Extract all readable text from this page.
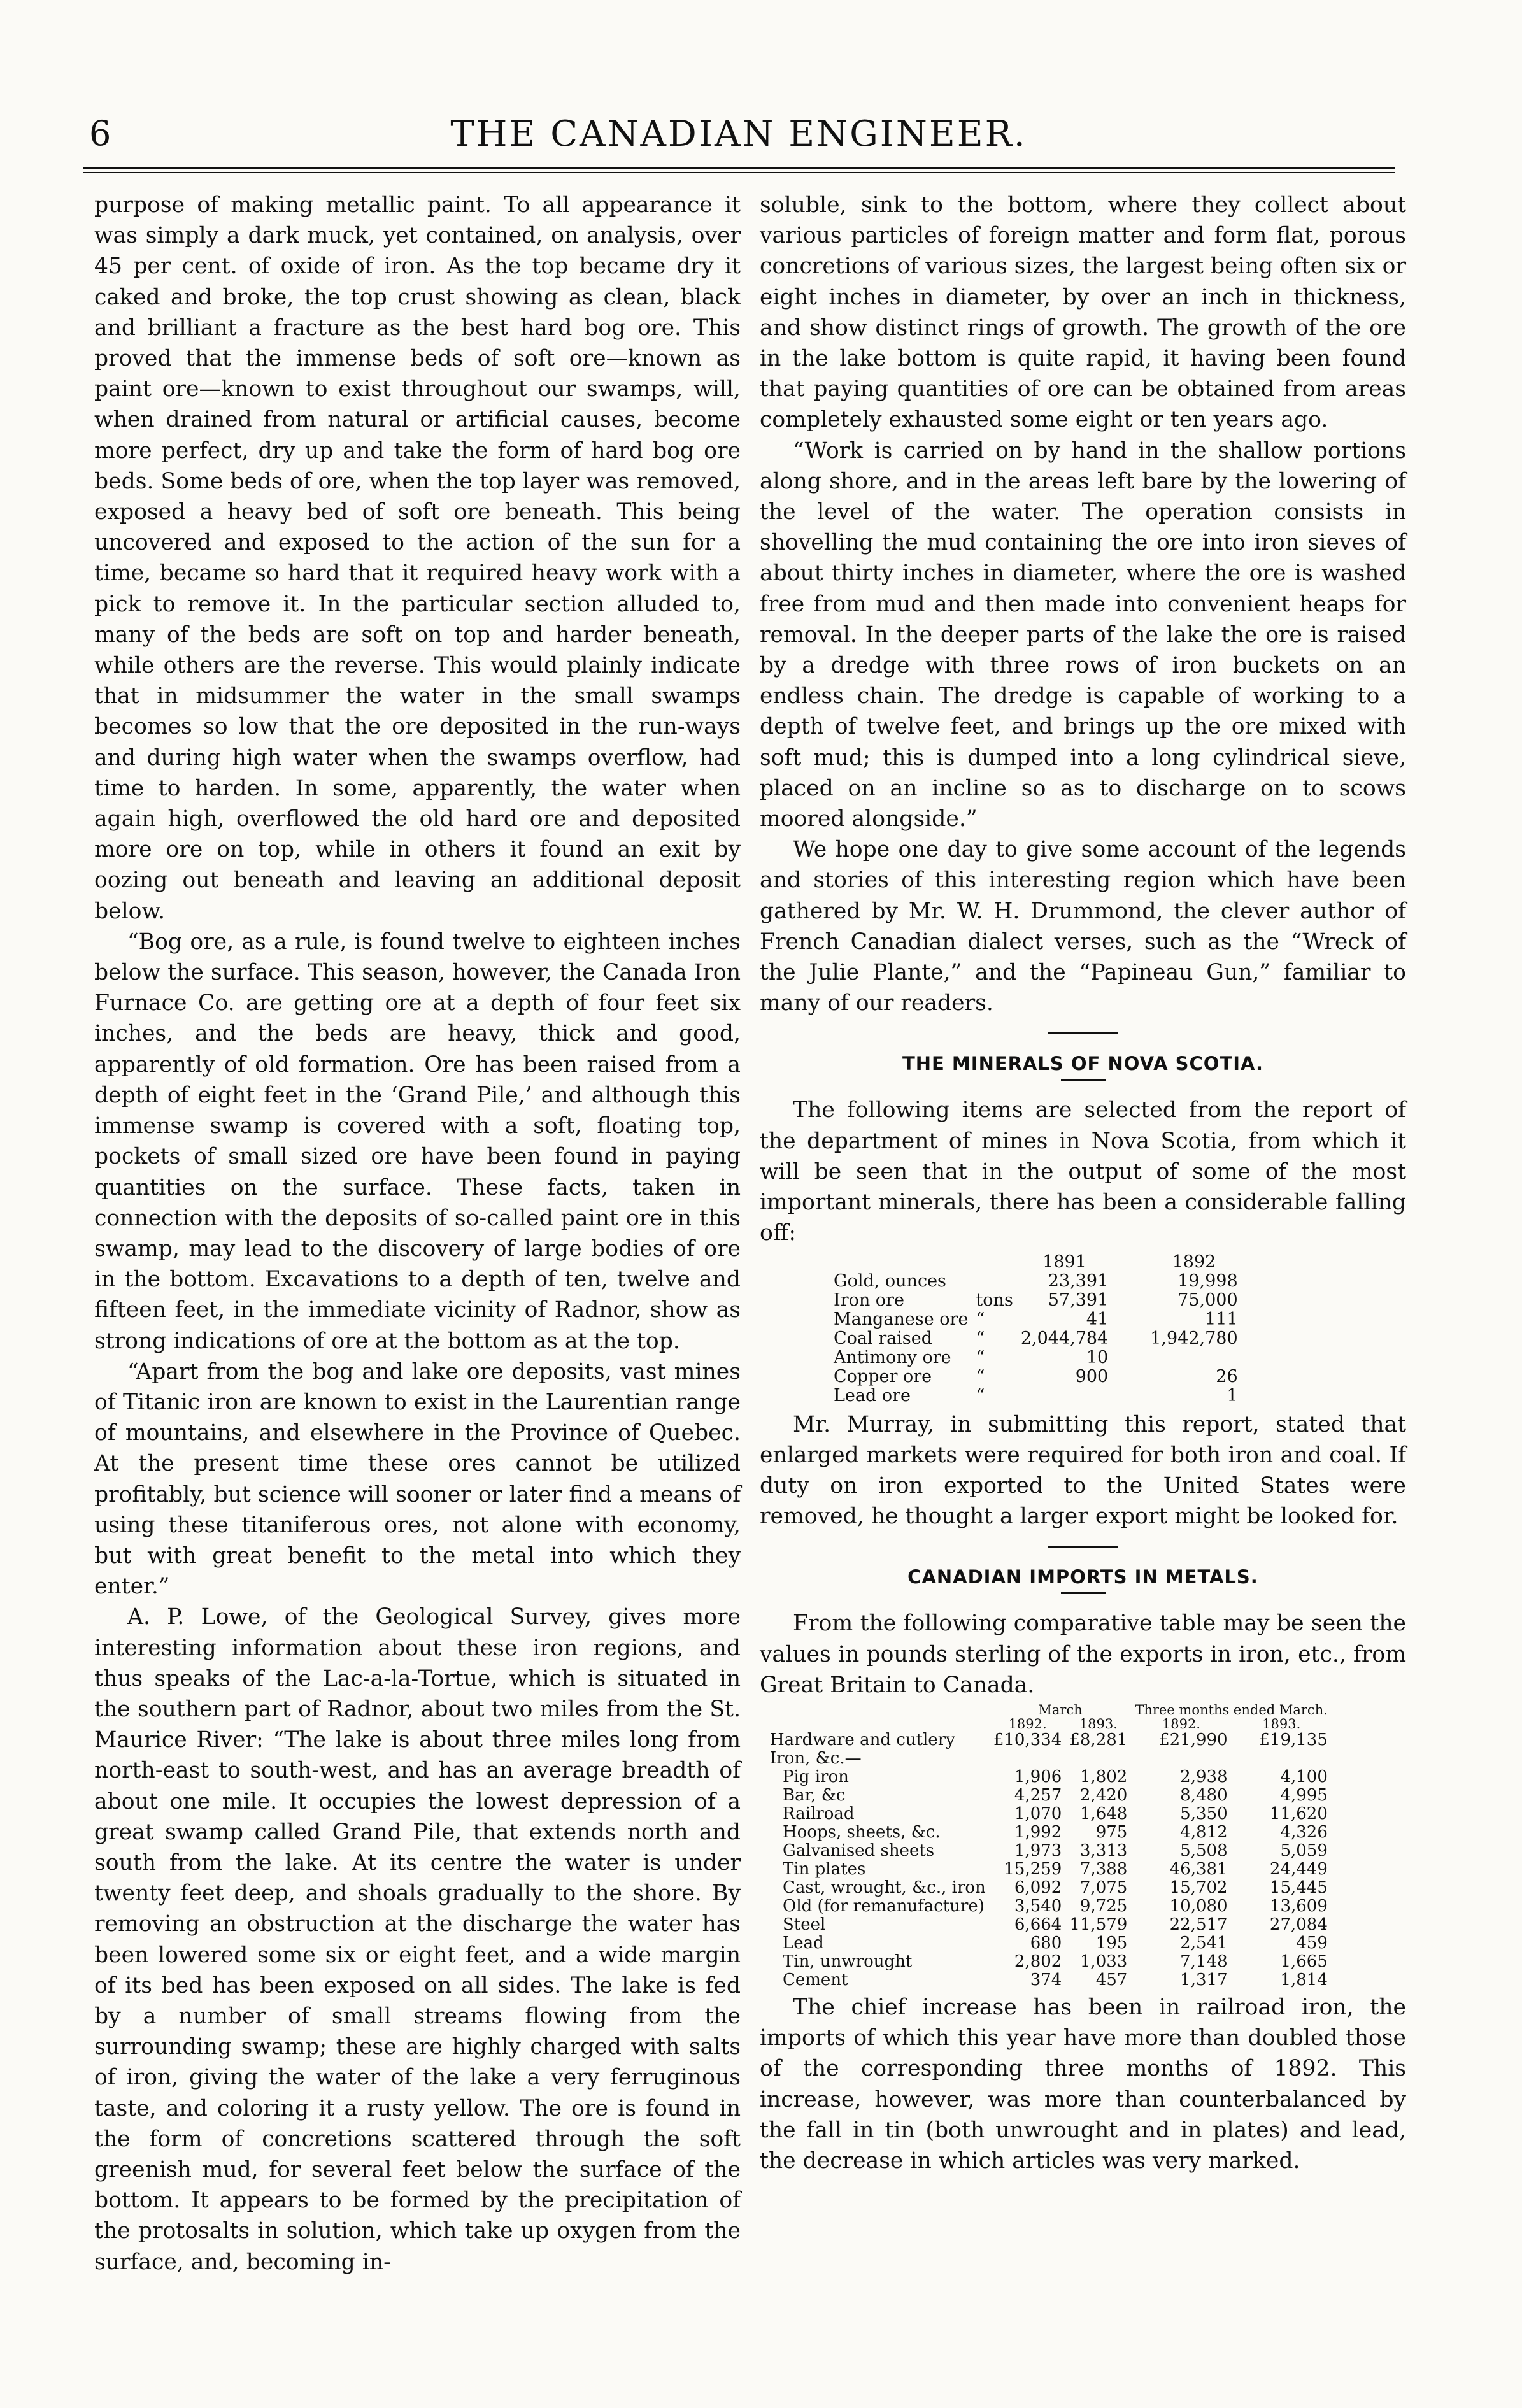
6	THE CANADIAN ENGINEER.

purpose of making metallic paint. To all appearance it was simply a dark muck, yet contained, on analysis, over 45 per cent. of oxide of iron. As the top became dry it caked and broke, the top crust showing as clean, black and brilliant a fracture as the best hard bog ore. This proved that the immense beds of soft ore—known as paint ore—known to exist throughout our swamps, will, when drained from natural or artificial causes, become more perfect, dry up and take the form of hard bog ore beds. Some beds of ore, when the top layer was removed, exposed a heavy bed of soft ore beneath. This being uncovered and exposed to the action of the sun for a time, became so hard that it required heavy work with a pick to remove it. In the particular section alluded to, many of the beds are soft on top and harder beneath, while others are the reverse. This would plainly indicate that in midsummer the water in the small swamps becomes so low that the ore deposited in the run-ways and during high water when the swamps overflow, had time to harden. In some, apparently, the water when again high, overflowed the old hard ore and deposited more ore on top, while in others it found an exit by oozing out beneath and leaving an additional deposit below.

“Bog ore, as a rule, is found twelve to eighteen inches below the surface. This season, however, the Canada Iron Furnace Co. are getting ore at a depth of four feet six inches, and the beds are heavy, thick and good, apparently of old formation. Ore has been raised from a depth of eight feet in the ‘Grand Pile,’ and although this immense swamp is covered with a soft, floating top, pockets of small sized ore have been found in paying quantities on the surface. These facts, taken in connection with the deposits of so-called paint ore in this swamp, may lead to the discovery of large bodies of ore in the bottom. Excavations to a depth of ten, twelve and fifteen feet, in the immediate vicinity of Radnor, show as strong indications of ore at the bottom as at the top.

“Apart from the bog and lake ore deposits, vast mines of Titanic iron are known to exist in the Laurentian range of mountains, and elsewhere in the Province of Quebec. At the present time these ores cannot be utilized profitably, but science will sooner or later find a means of using these titaniferous ores, not alone with economy, but with great benefit to the metal into which they enter.”

A. P. Lowe, of the Geological Survey, gives more interesting information about these iron regions, and thus speaks of the Lac-a-la-Tortue, which is situated in the southern part of Radnor, about two miles from the St. Maurice River: “The lake is about three miles long from north-east to south-west, and has an average breadth of about one mile. It occupies the lowest depression of a great swamp called Grand Pile, that extends north and south from the lake. At its centre the water is under twenty feet deep, and shoals gradually to the shore. By removing an obstruction at the discharge the water has been lowered some six or eight feet, and a wide margin of its bed has been exposed on all sides. The lake is fed by a number of small streams flowing from the surrounding swamp; these are highly charged with salts of iron, giving the water of the lake a very ferruginous taste, and coloring it a rusty yellow. The ore is found in the form of concretions scattered through the soft greenish mud, for several feet below the surface of the bottom. It appears to be formed by the precipitation of the protosalts in solution, which take up oxygen from the surface, and, becoming in-

soluble, sink to the bottom, where they collect about various particles of foreign matter and form flat, porous concretions of various sizes, the largest being often six or eight inches in diameter, by over an inch in thickness, and show distinct rings of growth. The growth of the ore in the lake bottom is quite rapid, it having been found that paying quantities of ore can be obtained from areas completely exhausted some eight or ten years ago.

“Work is carried on by hand in the shallow portions along shore, and in the areas left bare by the lowering of the level of the water. The operation consists in shovelling the mud containing the ore into iron sieves of about thirty inches in diameter, where the ore is washed free from mud and then made into convenient heaps for removal. In the deeper parts of the lake the ore is raised by a dredge with three rows of iron buckets on an endless chain. The dredge is capable of working to a depth of twelve feet, and brings up the ore mixed with soft mud; this is dumped into a long cylindrical sieve, placed on an incline so as to discharge on to scows moored alongside.”

We hope one day to give some account of the legends and stories of this interesting region which have been gathered by Mr. W. H. Drummond, the clever author of French Canadian dialect verses, such as the “Wreck of the Julie Plante,” and the “Papineau Gun,” familiar to many of our readers.

THE MINERALS OF NOVA SCOTIA.

The following items are selected from the report of the department of mines in Nova Scotia, from which it will be seen that in the output of some of the most important minerals, there has been a considerable falling off:

		1891	1892
Gold, ounces		23,391	19,998
Iron ore	tons	57,391	75,000
Manganese ore	“	41	111
Coal raised	“	2,044,784	1,942,780
Antimony ore	“	10	
Copper ore	“	900	26
Lead ore	“		1

Mr. Murray, in submitting this report, stated that enlarged markets were required for both iron and coal. If duty on iron exported to the United States were removed, he thought a larger export might be looked for.

CANADIAN IMPORTS IN METALS.

From the following comparative table may be seen the values in pounds sterling of the exports in iron, etc., from Great Britain to Canada.

	March		Three months ended March.	
	1892.	1893.	1892.	1893.
Hardware and cutlery	£10,334	£8,281	£21,990	£19,135
Iron, &c.—				
Pig iron	1,906	1,802	2,938	4,100
Bar, &c	4,257	2,420	8,480	4,995
Railroad	1,070	1,648	5,350	11,620
Hoops, sheets, &c.	1,992	975	4,812	4,326
Galvanised sheets	1,973	3,313	5,508	5,059
Tin plates	15,259	7,388	46,381	24,449
Cast, wrought, &c., iron	6,092	7,075	15,702	15,445
Old (for remanufacture)	3,540	9,725	10,080	13,609
Steel	6,664	11,579	22,517	27,084
Lead	680	195	2,541	459
Tin, unwrought	2,802	1,033	7,148	1,665
Cement	374	457	1,317	1,814

The chief increase has been in railroad iron, the imports of which this year have more than doubled those of the corresponding three months of 1892. This increase, however, was more than counterbalanced by the fall in tin (both unwrought and in plates) and lead, the decrease in which articles was very marked.
